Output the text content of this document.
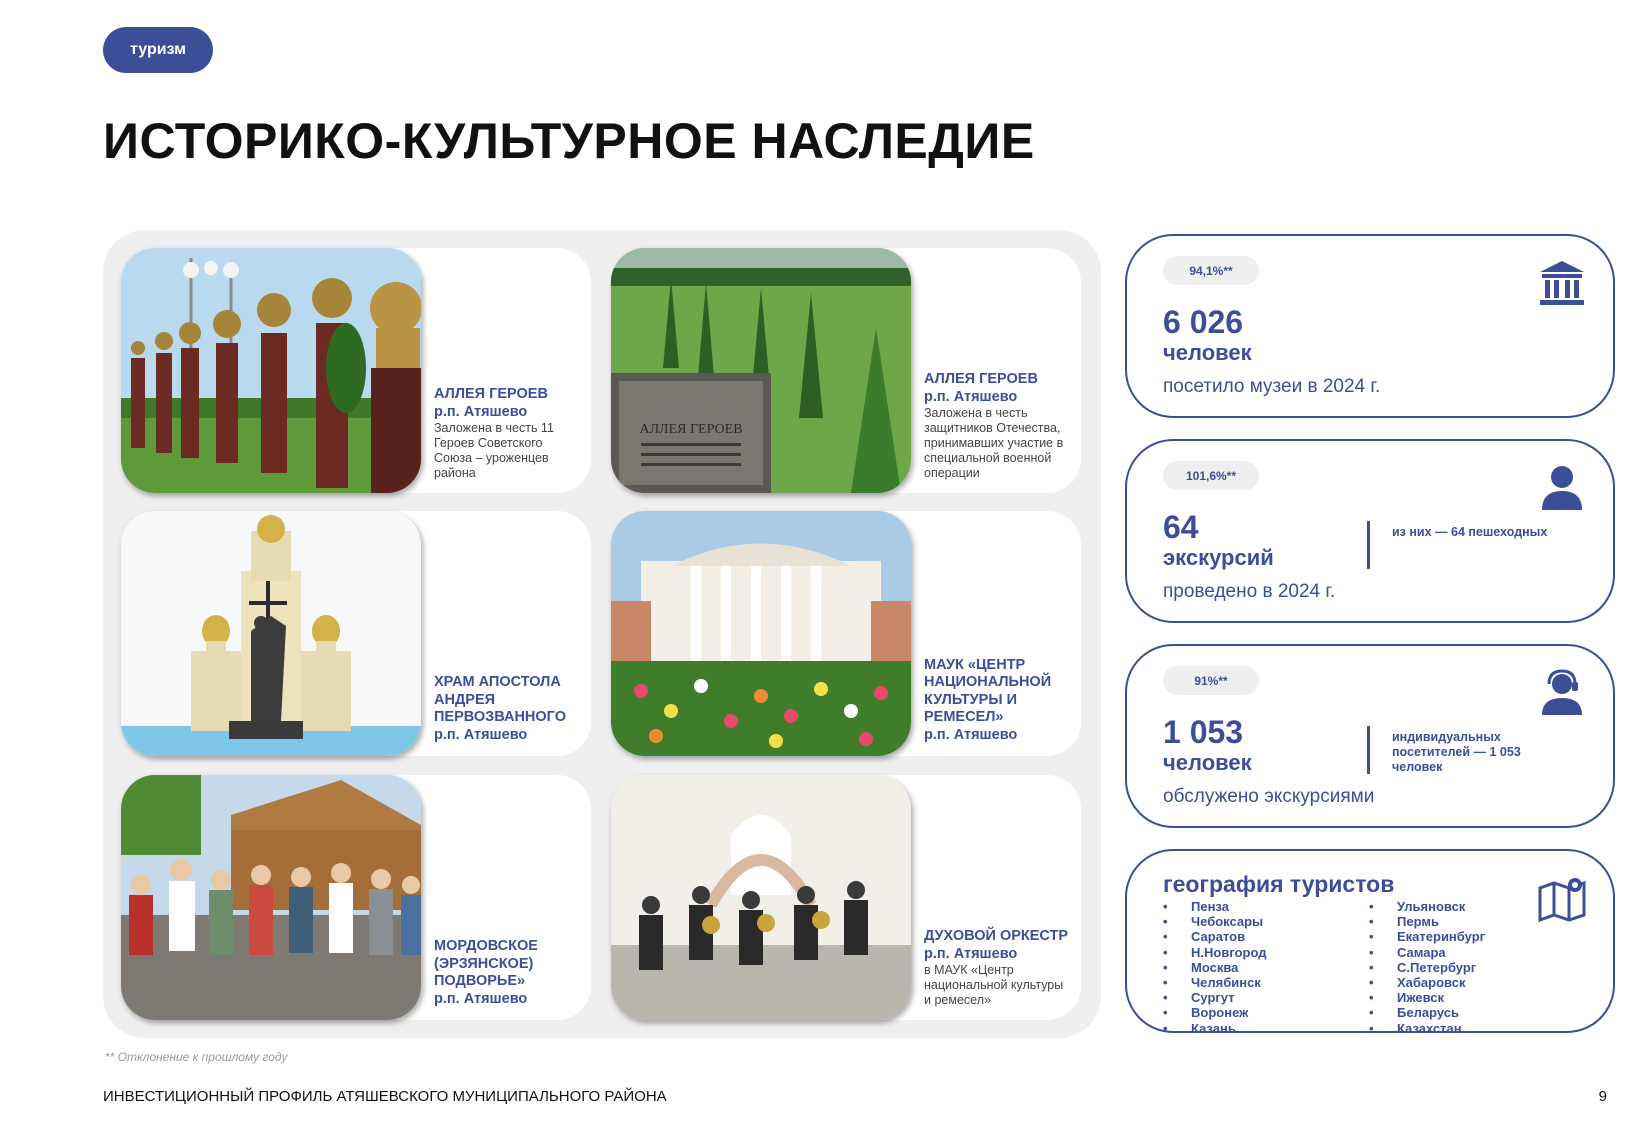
туризм
ИСТОРИКО-КУЛЬТУРНОЕ НАСЛЕДИЕ
АЛЛЕЯ ГЕРОЕВ
р.п. Атяшево
Заложена в честь 11 Героев Советского Союза – уроженцев района
АЛЛЕЯ ГЕРОЕВ
АЛЛЕЯ ГЕРОЕВ
р.п. Атяшево
Заложена в честь защитников Отечества, принимавших участие в специальной военной операции
ХРАМ АПОСТОЛА АНДРЕЯ ПЕРВОЗВАННОГО
р.п. Атяшево
МАУК «ЦЕНТР НАЦИОНАЛЬНОЙ КУЛЬТУРЫ И РЕМЕСЕЛ»
р.п. Атяшево
МОРДОВСКОЕ (ЭРЗЯНСКОЕ) ПОДВОРЬЕ»
р.п. Атяшево
ДУХОВОЙ ОРКЕСТР
р.п. Атяшево
в МАУК «Центр национальной культуры и ремесел»
94,1%**
6 026
человек
посетило музеи в 2024 г.
101,6%**
64
экскурсий
из них — 64 пешеходных
проведено в 2024 г.
91%**
1 053
человек
индивидуальных посетителей — 1 053 человек
обслужено экскурсиями
география туристов
• Пенза
• Чебоксары
• Саратов
• Н.Новгород
• Москва
• Челябинск
• Сургут
• Воронеж
• Казань
• Ульяновск
• Пермь
• Екатеринбург
• Самара
• С.Петербург
• Хабаровск
• Ижевск
• Беларусь
• Казахстан
** Отклонение к прошлому году
ИНВЕСТИЦИОННЫЙ ПРОФИЛЬ АТЯШЕВСКОГО МУНИЦИПАЛЬНОГО РАЙОНА	9
